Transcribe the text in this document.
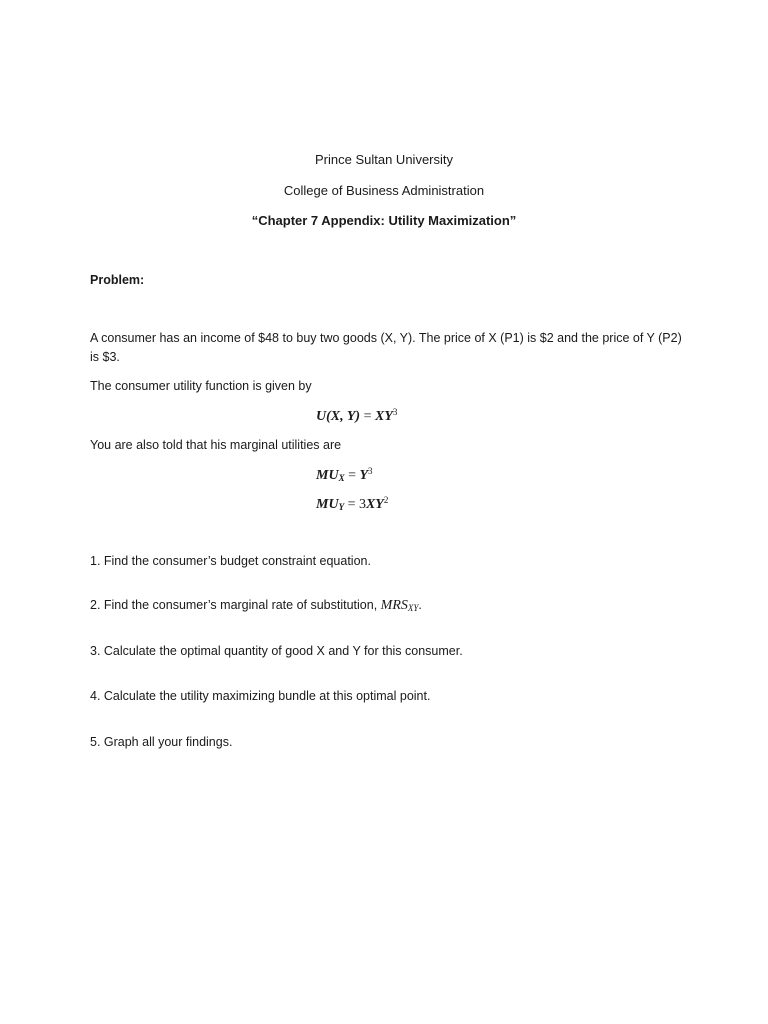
Prince Sultan University
College of Business Administration
“Chapter 7 Appendix: Utility Maximization”
Problem:
A consumer has an income of $48 to buy two goods (X, Y). The price of X (P1) is $2 and the price of Y (P2)
is $3.
The consumer utility function is given by
U(X, $Y) = XY^3$
You are also told that his marginal utilities are
$MU_X = Y^3$
$MU_Y = 3XY^2$
1. Find the consumer’s budget constraint equation.
2. Find the consumer’s marginal rate of substitution, $MRS_{XY}$.
3. Calculate the optimal quantity of good X and Y for this consumer.
4. Calculate the utility maximizing bundle at this optimal point.
5. Graph all your findings.
